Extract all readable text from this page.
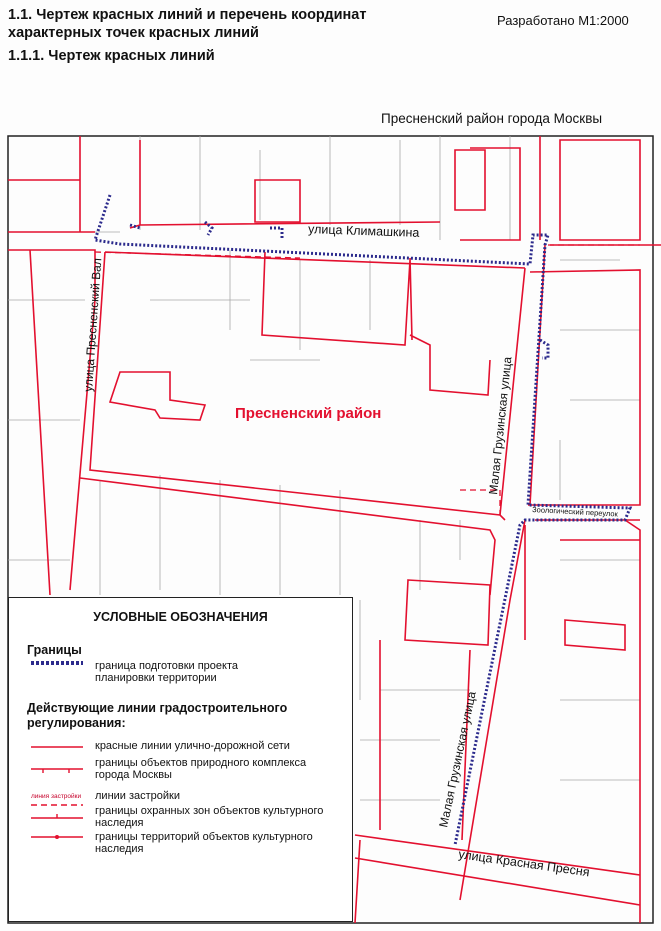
1.1. Чертеж красных линий и перечень координат

характерных точек красных линий

1.1.1. Чертеж красных линий

Разработано М1:2000
Пресненский район города Москвы
улица Климашкина
улица Пресненский Вал
Малая Грузинская улица
Малая Грузинская улица
Зоологический переулок
улица Красная Пресня
Пресненский район
УСЛОВНЫЕ ОБОЗНАЧЕНИЯ
Границы
граница подготовки проекта планировки территории
Действующие линии градостроительного регулирования:
красные линии улично-дорожной сети
границы объектов природного комплекса города Москвы
линия застройки линии застройки
границы охранных зон объектов культурного наследия
границы территорий объектов культурного наследия
